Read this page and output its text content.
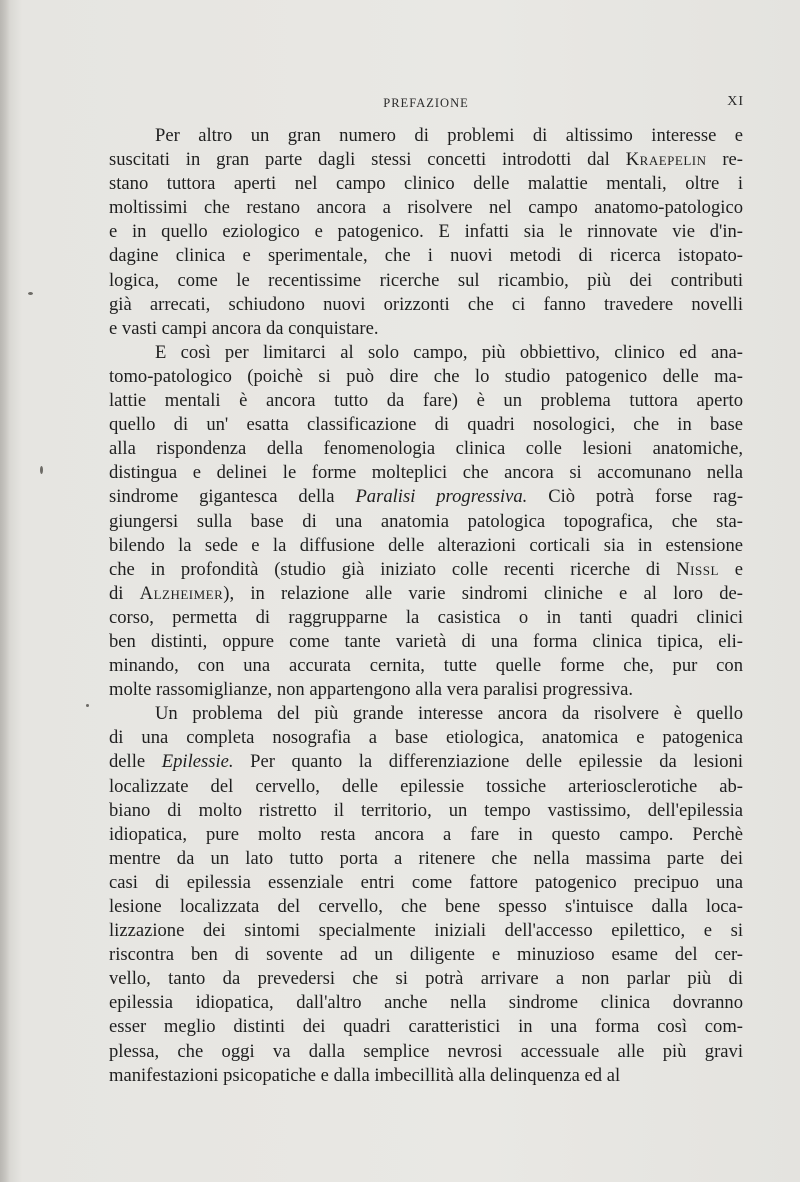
PREFAZIONE	XI
Per altro un gran numero di problemi di altissimo interesse e
suscitati in gran parte dagli stessi concetti introdotti dal Kraepelin re-
stano tuttora aperti nel campo clinico delle malattie mentali, oltre i
moltissimi che restano ancora a risolvere nel campo anatomo-patologico
e in quello eziologico e patogenico. E infatti sia le rinnovate vie d'in-
dagine clinica e sperimentale, che i nuovi metodi di ricerca istopato-
logica, come le recentissime ricerche sul ricambio, più dei contributi
già arrecati, schiudono nuovi orizzonti che ci fanno travedere novelli
e vasti campi ancora da conquistare.
E così per limitarci al solo campo, più obbiettivo, clinico ed ana-
tomo-patologico (poichè si può dire che lo studio patogenico delle ma-
lattie mentali è ancora tutto da fare) è un problema tuttora aperto
quello di un' esatta classificazione di quadri nosologici, che in base
alla rispondenza della fenomenologia clinica colle lesioni anatomiche,
distingua e delinei le forme molteplici che ancora si accomunano nella
sindrome gigantesca della Paralisi progressiva. Ciò potrà forse rag-
giungersi sulla base di una anatomia patologica topografica, che sta-
bilendo la sede e la diffusione delle alterazioni corticali sia in estensione
che in profondità (studio già iniziato colle recenti ricerche di Nissl e
di Alzheimer), in relazione alle varie sindromi cliniche e al loro de-
corso, permetta di raggrupparne la casistica o in tanti quadri clinici
ben distinti, oppure come tante varietà di una forma clinica tipica, eli-
minando, con una accurata cernita, tutte quelle forme che, pur con
molte rassomiglianze, non appartengono alla vera paralisi progressiva.
Un problema del più grande interesse ancora da risolvere è quello
di una completa nosografia a base etiologica, anatomica e patogenica
delle Epilessie. Per quanto la differenziazione delle epilessie da lesioni
localizzate del cervello, delle epilessie tossiche arteriosclerotiche ab-
biano di molto ristretto il territorio, un tempo vastissimo, dell'epilessia
idiopatica, pure molto resta ancora a fare in questo campo. Perchè
mentre da un lato tutto porta a ritenere che nella massima parte dei
casi di epilessia essenziale entri come fattore patogenico precipuo una
lesione localizzata del cervello, che bene spesso s'intuisce dalla loca-
lizzazione dei sintomi specialmente iniziali dell'accesso epilettico, e si
riscontra ben di sovente ad un diligente e minuzioso esame del cer-
vello, tanto da prevedersi che si potrà arrivare a non parlar più di
epilessia idiopatica, dall'altro anche nella sindrome clinica dovranno
esser meglio distinti dei quadri caratteristici in una forma così com-
plessa, che oggi va dalla semplice nevrosi accessuale alle più gravi
manifestazioni psicopatiche e dalla imbecillità alla delinquenza ed al
